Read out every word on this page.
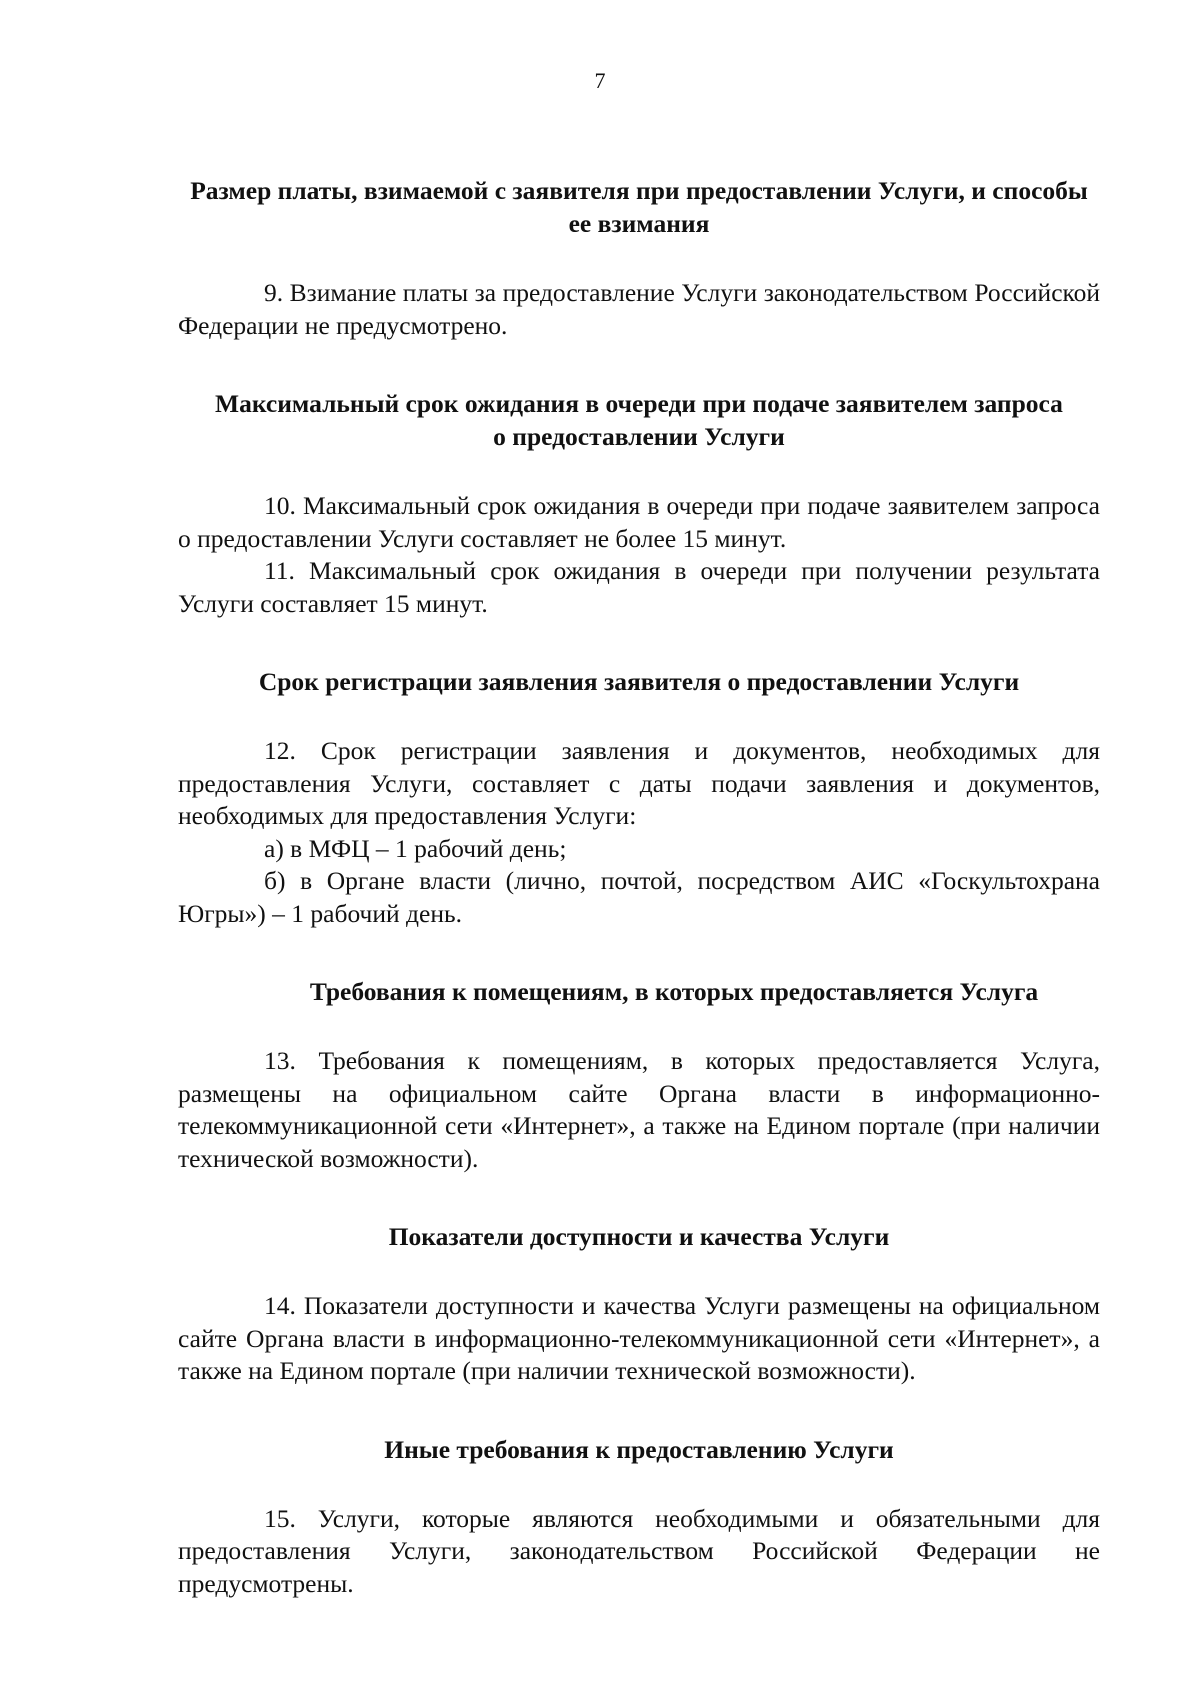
7
Размер платы, взимаемой с заявителя при предоставлении Услуги, и способы ее взимания

9. Взимание платы за предоставление Услуги законодательством Российской Федерации не предусмотрено.

Максимальный срок ожидания в очереди при подаче заявителем запроса о предоставлении Услуги

10. Максимальный срок ожидания в очереди при подаче заявителем запроса о предоставлении Услуги составляет не более 15 минут.

11. Максимальный срок ожидания в очереди при получении результата Услуги составляет 15 минут.

Срок регистрации заявления заявителя о предоставлении Услуги

12. Срок регистрации заявления и документов, необходимых для предоставления Услуги, составляет с даты подачи заявления и документов, необходимых для предоставления Услуги:

а) в МФЦ – 1 рабочий день;

б) в Органе власти (лично, почтой, посредством АИС «Госкультохрана Югры») – 1 рабочий день.

Требования к помещениям, в которых предоставляется Услуга

13. Требования к помещениям, в которых предоставляется Услуга, размещены на официальном сайте Органа власти в информационно-телекоммуникационной сети «Интернет», а также на Едином портале (при наличии технической возможности).

Показатели доступности и качества Услуги

14. Показатели доступности и качества Услуги размещены на официальном сайте Органа власти в информационно-телекоммуникационной сети «Интернет», а также на Едином портале (при наличии технической возможности).

Иные требования к предоставлению Услуги

15. Услуги, которые являются необходимыми и обязательными для предоставления Услуги, законодательством Российской Федерации не предусмотрены.
